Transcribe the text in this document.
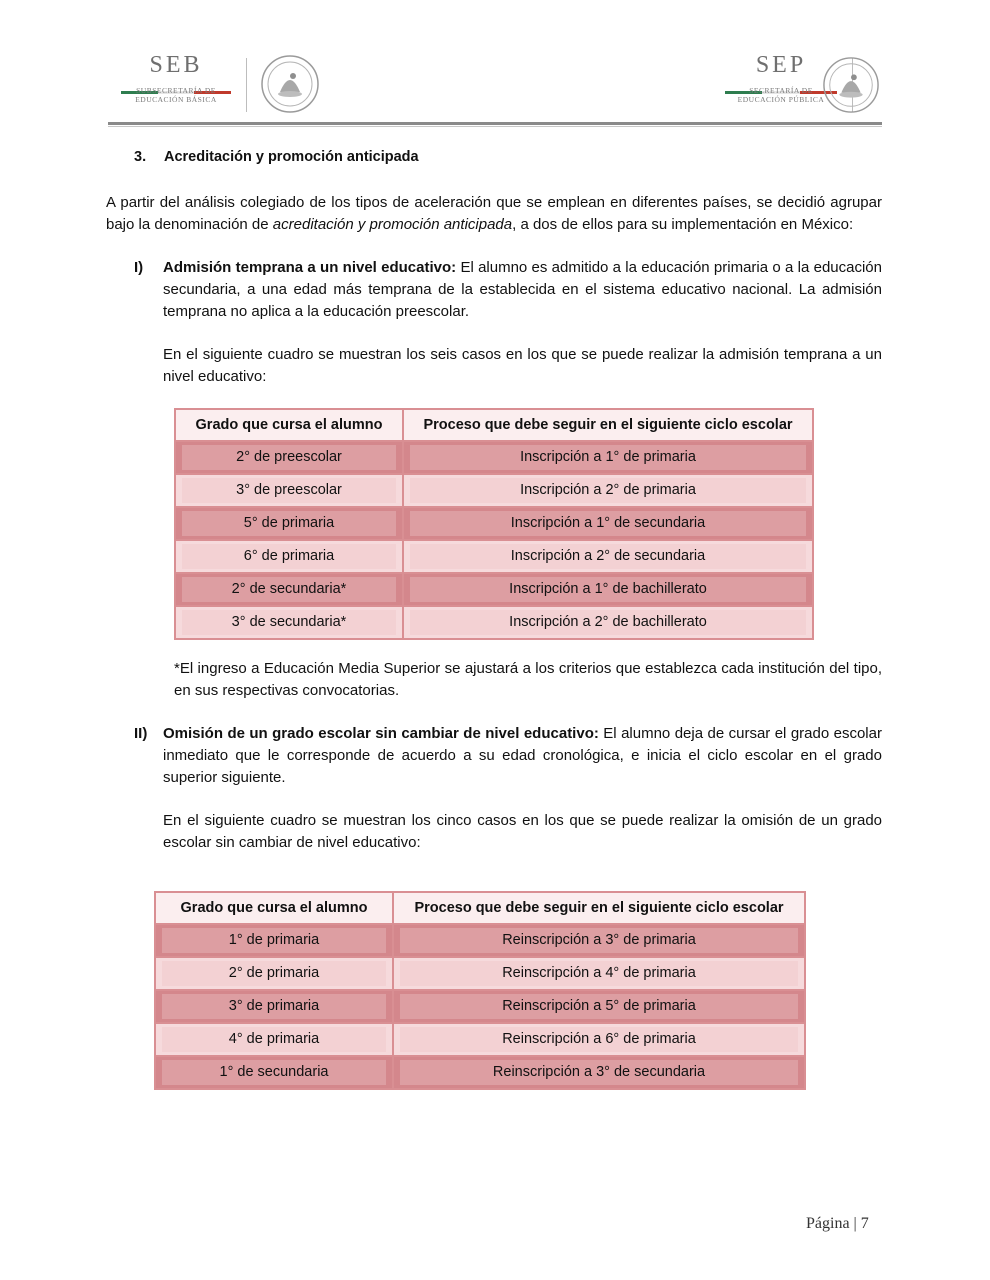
SEB
SUBSECRETARÍA DE
EDUCACIÓN BÁSICA
SEP
SECRETARÍA DE
EDUCACIÓN PÚBLICA
3. Acreditación y promoción anticipada

A partir del análisis colegiado de los tipos de aceleración que se emplean en diferentes países, se decidió agrupar bajo la denominación de acreditación y promoción anticipada, a dos de ellos para su implementación en México:

I) Admisión temprana a un nivel educativo: El alumno es admitido a la educación primaria o a la educación secundaria, a una edad más temprana de la establecida en el sistema educativo nacional. La admisión temprana no aplica a la educación preescolar.

En el siguiente cuadro se muestran los seis casos en los que se puede realizar la admisión temprana a un nivel educativo:

Grado que cursa el alumno	Proceso que debe seguir en el siguiente ciclo escolar

2° de preescolar	Inscripción a 1° de primaria

3° de preescolar	Inscripción a 2° de primaria

5° de primaria	Inscripción a 1° de secundaria

6° de primaria	Inscripción a 2° de secundaria

2° de secundaria*	Inscripción a 1° de bachillerato

3° de secundaria*	Inscripción a 2° de bachillerato

*El ingreso a Educación Media Superior se ajustará a los criterios que establezca cada institución del tipo, en sus respectivas convocatorias.

II) Omisión de un grado escolar sin cambiar de nivel educativo: El alumno deja de cursar el grado escolar inmediato que le corresponde de acuerdo a su edad cronológica, e inicia el ciclo escolar en el grado superior siguiente.

En el siguiente cuadro se muestran los cinco casos en los que se puede realizar la omisión de un grado escolar sin cambiar de nivel educativo:

Grado que cursa el alumno	Proceso que debe seguir en el siguiente ciclo escolar

1° de primaria	Reinscripción a 3° de primaria

2° de primaria	Reinscripción a 4° de primaria

3° de primaria	Reinscripción a 5° de primaria

4° de primaria	Reinscripción a 6° de primaria

1° de secundaria	Reinscripción a 3° de secundaria
Página | 7
